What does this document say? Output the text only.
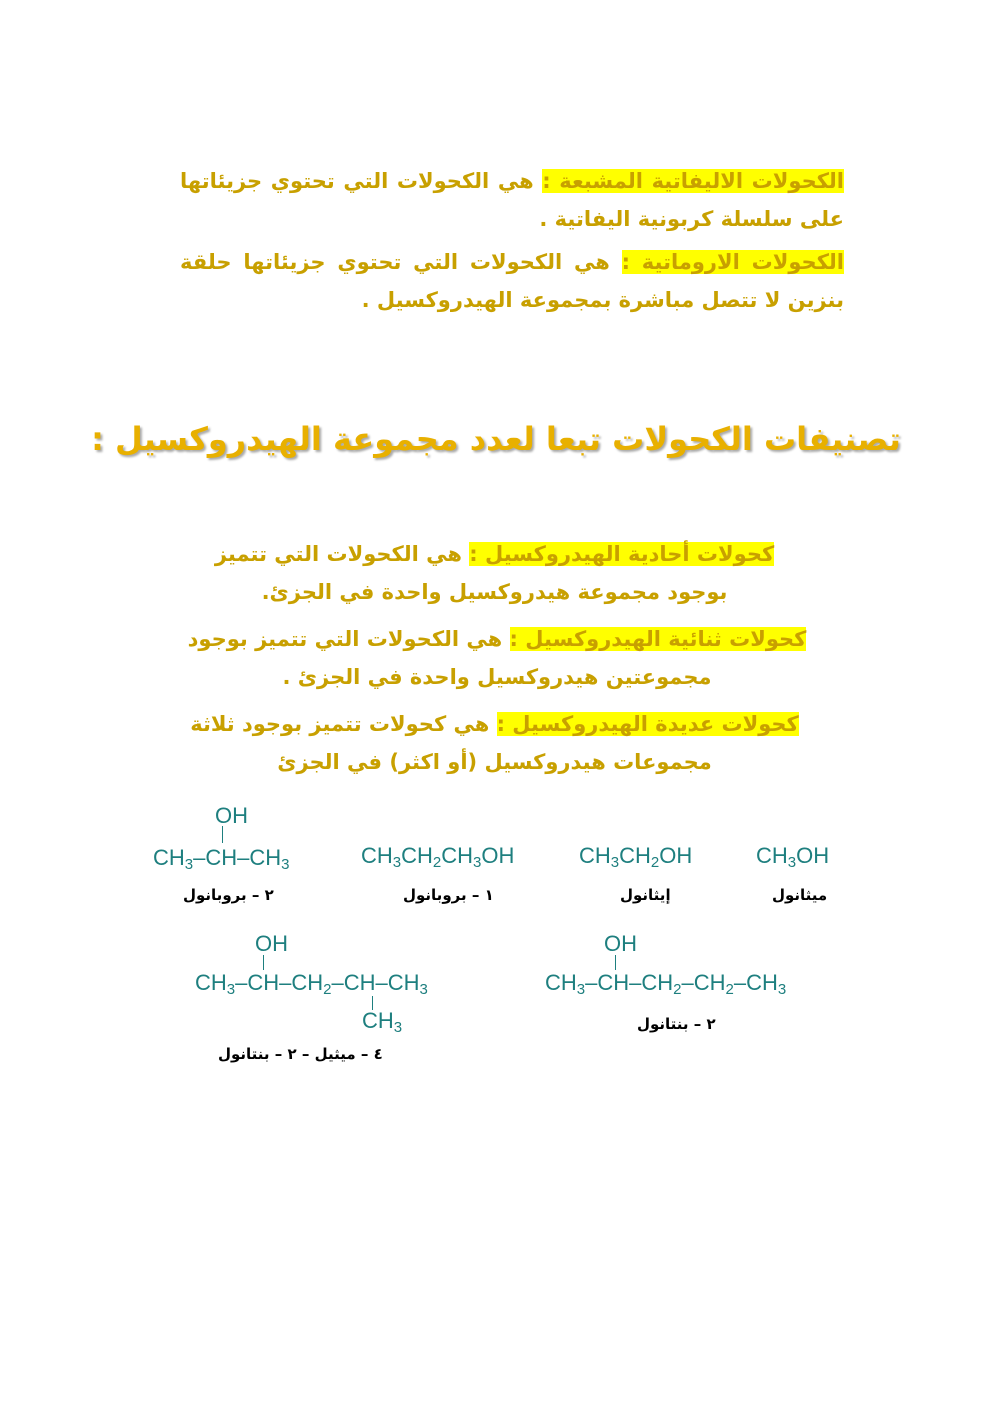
الكحولات الاليفاتية المشبعة : هي الكحولات التي تحتوي جزيئاتها على سلسلة كربونية اليفاتية .
الكحولات الاروماتية : هي الكحولات التي تحتوي جزيئاتها حلقة بنزين لا تتصل مباشرة بمجموعة الهيدروكسيل .
تصنيفات الكحولات تبعا لعدد مجموعة الهيدروكسيل :
كحولات أحادية الهيدروكسيل : هي الكحولات التي تتميز بوجود مجموعة هيدروكسيل واحدة في الجزئ.
كحولات ثنائية الهيدروكسيل : هي الكحولات التي تتميز بوجود مجموعتين هيدروكسيل واحدة في الجزئ .
كحولات عديدة الهيدروكسيل : هي كحولات تتميز بوجود ثلاثة مجموعات هيدروكسيل (أو اكثر) في الجزئ
$CH_3OH$
ميثانول
$CH_3CH_2OH$
إيثانول
$CH_3CH_2CH_3OH$
١ – بروبانول
OH
$CH_3-CH-CH_3$
٢ – بروبانول
OH
$CH_3-CH-CH_2-CH_2-CH_3$
٢ – بنتانول
OH
$CH_3-CH-CH_2-CH-CH_3$
$CH_3$
٤ – ميثيل – ٢ – بنتانول
